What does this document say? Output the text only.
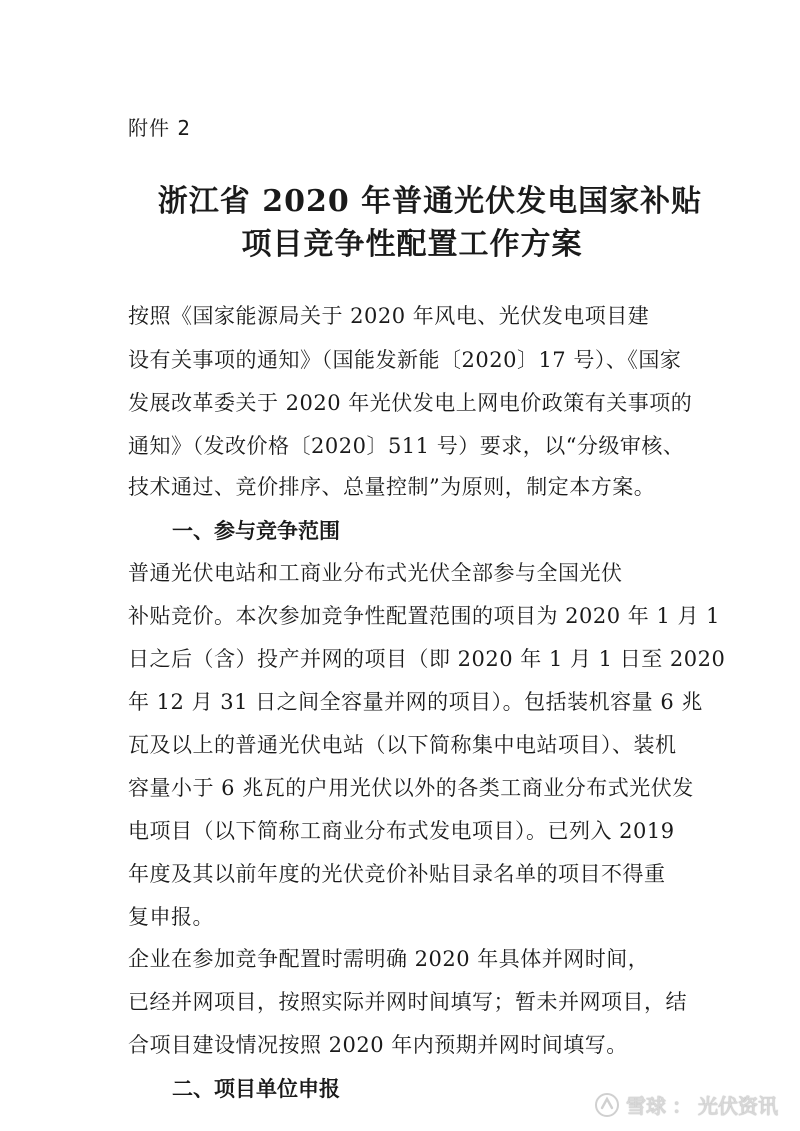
附件 2
浙江省 2020 年普通光伏发电国家补贴
项目竞争性配置工作方案
按照《国家能源局关于 2020 年风电、光伏发电项目建
设有关事项的通知》（国能发新能〔2020〕17 号）、《国家
发展改革委关于 2020 年光伏发电上网电价政策有关事项的
通知》（发改价格〔2020〕511 号）要求，以“分级审核、
技术通过、竞价排序、总量控制”为原则，制定本方案。
一、参与竞争范围
普通光伏电站和工商业分布式光伏全部参与全国光伏
补贴竞价。本次参加竞争性配置范围的项目为 2020 年 1 月 1
日之后（含）投产并网的项目（即 2020 年 1 月 1 日至 2020
年 12 月 31 日之间全容量并网的项目）。包括装机容量 6 兆
瓦及以上的普通光伏电站（以下简称集中电站项目）、装机
容量小于 6 兆瓦的户用光伏以外的各类工商业分布式光伏发
电项目（以下简称工商业分布式发电项目）。已列入 2019
年度及其以前年度的光伏竞价补贴目录名单的项目不得重
复申报。
企业在参加竞争配置时需明确 2020 年具体并网时间，
已经并网项目，按照实际并网时间填写；暂未并网项目，结
合项目建设情况按照 2020 年内预期并网时间填写。
二、项目单位申报
雪球 ： 光伏资讯
